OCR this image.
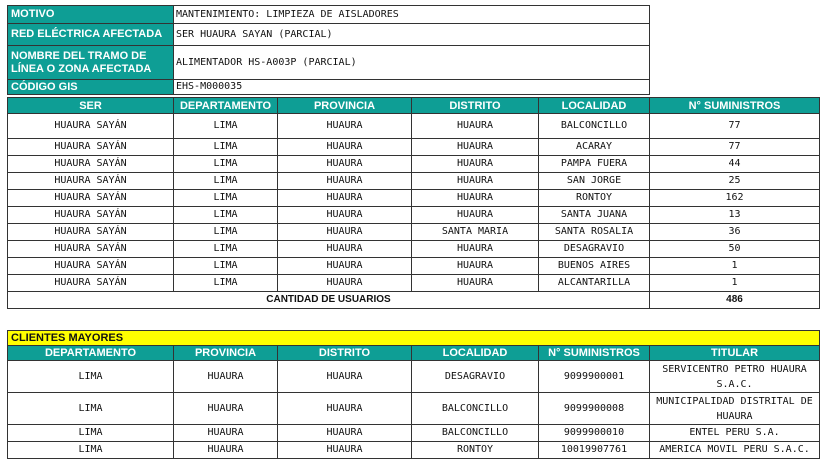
MOTIVO	MANTENIMIENTO: LIMPIEZA DE AISLADORES
RED ELÉCTRICA AFECTADA	SER HUAURA SAYAN (PARCIAL)
NOMBRE DEL TRAMO DE LÍNEA O ZONA AFECTADA	ALIMENTADOR HS-A003P (PARCIAL)
CÓDIGO GIS	EHS-M000035
SER	DEPARTAMENTO	PROVINCIA	DISTRITO	LOCALIDAD	N° SUMINISTROS
HUAURA SAYÁN	LIMA	HUAURA	HUAURA	BALCONCILLO	77
HUAURA SAYÁN	LIMA	HUAURA	HUAURA	ACARAY	77
HUAURA SAYÁN	LIMA	HUAURA	HUAURA	PAMPA FUERA	44
HUAURA SAYÁN	LIMA	HUAURA	HUAURA	SAN JORGE	25
HUAURA SAYÁN	LIMA	HUAURA	HUAURA	RONTOY	162
HUAURA SAYÁN	LIMA	HUAURA	HUAURA	SANTA JUANA	13
HUAURA SAYÁN	LIMA	HUAURA	SANTA MARIA	SANTA ROSALIA	36
HUAURA SAYÁN	LIMA	HUAURA	HUAURA	DESAGRAVIO	50
HUAURA SAYÁN	LIMA	HUAURA	HUAURA	BUENOS AIRES	1
HUAURA SAYÁN	LIMA	HUAURA	HUAURA	ALCANTARILLA	1
CANTIDAD DE USUARIOS					486
CLIENTES MAYORES					
DEPARTAMENTO	PROVINCIA	DISTRITO	LOCALIDAD	N° SUMINISTROS	TITULAR
LIMA	HUAURA	HUAURA	DESAGRAVIO	9099900001	SERVICENTRO PETRO HUAURA S.A.C.
LIMA	HUAURA	HUAURA	BALCONCILLO	9099900008	MUNICIPALIDAD DISTRITAL DE HUAURA
LIMA	HUAURA	HUAURA	BALCONCILLO	9099900010	ENTEL PERU S.A.
LIMA	HUAURA	HUAURA	RONTOY	10019907761	AMERICA MOVIL PERU S.A.C.
